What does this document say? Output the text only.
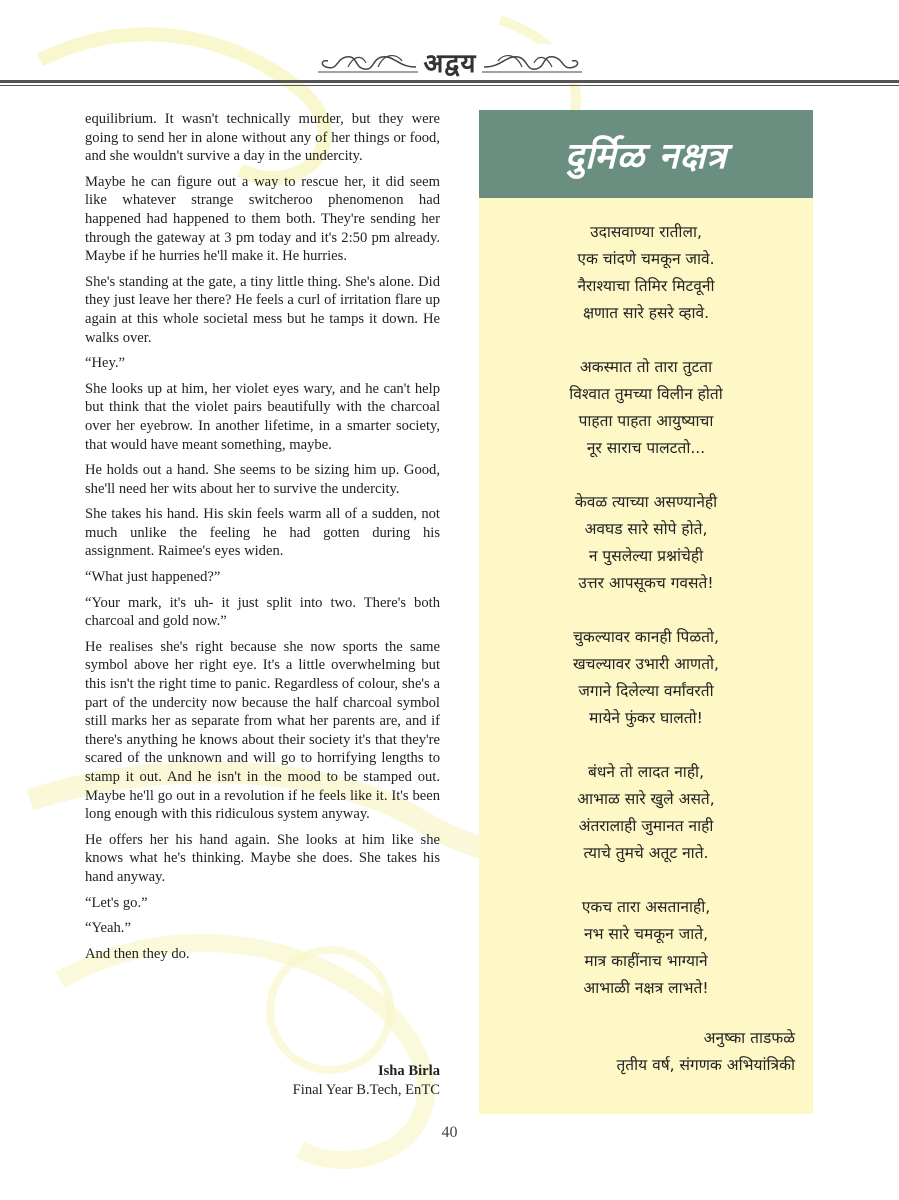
अद्वय

equilibrium. It wasn't technically murder, but they were going to send her in alone without any of her things or food, and she wouldn't survive a day in the undercity.

Maybe he can figure out a way to rescue her, it did seem like whatever strange switcheroo phenomenon had happened had happened to them both. They're sending her through the gateway at 3 pm today and it's 2:50 pm already. Maybe if he hurries he'll make it. He hurries.

She's standing at the gate, a tiny little thing. She's alone. Did they just leave her there? He feels a curl of irritation flare up again at this whole societal mess but he tamps it down. He walks over.

“Hey.”

She looks up at him, her violet eyes wary, and he can't help but think that the violet pairs beautifully with the charcoal over her eyebrow. In another lifetime, in a smarter society, that would have meant something, maybe.

He holds out a hand. She seems to be sizing him up. Good, she'll need her wits about her to survive the undercity.

She takes his hand. His skin feels warm all of a sudden, not much unlike the feeling he had gotten during his assignment. Raimee's eyes widen.

“What just happened?”

“Your mark, it's uh- it just split into two. There's both charcoal and gold now.”

He realises she's right because she now sports the same symbol above her right eye. It's a little overwhelming but this isn't the right time to panic. Regardless of colour, she's a part of the undercity now because the half charcoal symbol still marks her as separate from what her parents are, and if there's anything he knows about their society it's that they're scared of the unknown and will go to horrifying lengths to stamp it out. And he isn't in the mood to be stamped out. Maybe he'll go out in a revolution if he feels like it. It's been long enough with this ridiculous system anyway.

He offers her his hand again. She looks at him like she knows what he's thinking. Maybe she does. She takes his hand anyway.

“Let's go.”

“Yeah.”

And then they do.

Isha Birla
Final Year B.Tech, EnTC
दुर्मिळ नक्षत्र
उदासवाण्या रातीला,
एक चांदणे चमकून जावे.
नैराश्याचा तिमिर मिटवूनी
क्षणात सारे हसरे व्हावे.
अकस्मात तो तारा तुटता
विश्वात तुमच्या विलीन होतो
पाहता पाहता आयुष्याचा
नूर साराच पालटतो...
केवळ त्याच्या असण्यानेही
अवघड सारे सोपे होते,
न पुसलेल्या प्रश्नांचेही
उत्तर आपसूकच गवसते!
चुकल्यावर कानही पिळतो,
खचल्यावर उभारी आणतो,
जगाने दिलेल्या वर्मांवरती
मायेने फुंकर घालतो!
बंधने तो लादत नाही,
आभाळ सारे खुले असते,
अंतरालाही जुमानत नाही
त्याचे तुमचे अतूट नाते.
एकच तारा असतानाही,
नभ सारे चमकून जाते,
मात्र काहींनाच भाग्याने
आभाळी नक्षत्र लाभते!
अनुष्का ताडफळे
तृतीय वर्ष, संगणक अभियांत्रिकी
40
